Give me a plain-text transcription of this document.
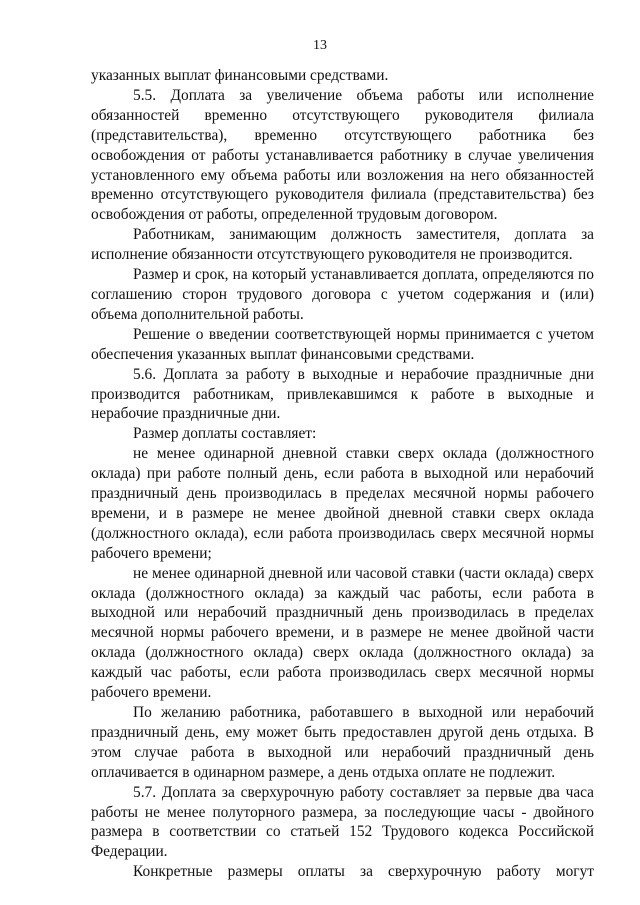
13

указанных выплат финансовыми средствами.

5.5. Доплата за увеличение объема работы или исполнение обязанностей временно отсутствующего руководителя филиала (представительства), временно отсутствующего работника без освобождения от работы устанавливается работнику в случае увеличения установленного ему объема работы или возложения на него обязанностей временно отсутствующего руководителя филиала (представительства) без освобождения от работы, определенной трудовым договором.

Работникам, занимающим должность заместителя, доплата за исполнение обязанности отсутствующего руководителя не производится.

Размер и срок, на который устанавливается доплата, определяются по соглашению сторон трудового договора с учетом содержания и (или) объема дополнительной работы.

Решение о введении соответствующей нормы принимается с учетом обеспечения указанных выплат финансовыми средствами.

5.6. Доплата за работу в выходные и нерабочие праздничные дни производится работникам, привлекавшимся к работе в выходные и нерабочие праздничные дни.

Размер доплаты составляет:

не менее одинарной дневной ставки сверх оклада (должностного оклада) при работе полный день, если работа в выходной или нерабочий праздничный день производилась в пределах месячной нормы рабочего времени, и в размере не менее двойной дневной ставки сверх оклада (должностного оклада), если работа производилась сверх месячной нормы рабочего времени;

не менее одинарной дневной или часовой ставки (части оклада) сверх оклада (должностного оклада) за каждый час работы, если работа в выходной или нерабочий праздничный день производилась в пределах месячной нормы рабочего времени, и в размере не менее двойной части оклада (должностного оклада) сверх оклада (должностного оклада) за каждый час работы, если работа производилась сверх месячной нормы рабочего времени.

По желанию работника, работавшего в выходной или нерабочий праздничный день, ему может быть предоставлен другой день отдыха. В этом случае работа в выходной или нерабочий праздничный день оплачивается в одинарном размере, а день отдыха оплате не подлежит.

5.7. Доплата за сверхурочную работу составляет за первые два часа работы не менее полуторного размера, за последующие часы - двойного размера в соответствии со статьей 152 Трудового кодекса Российской Федерации.

Конкретные размеры оплаты за сверхурочную работу могут
